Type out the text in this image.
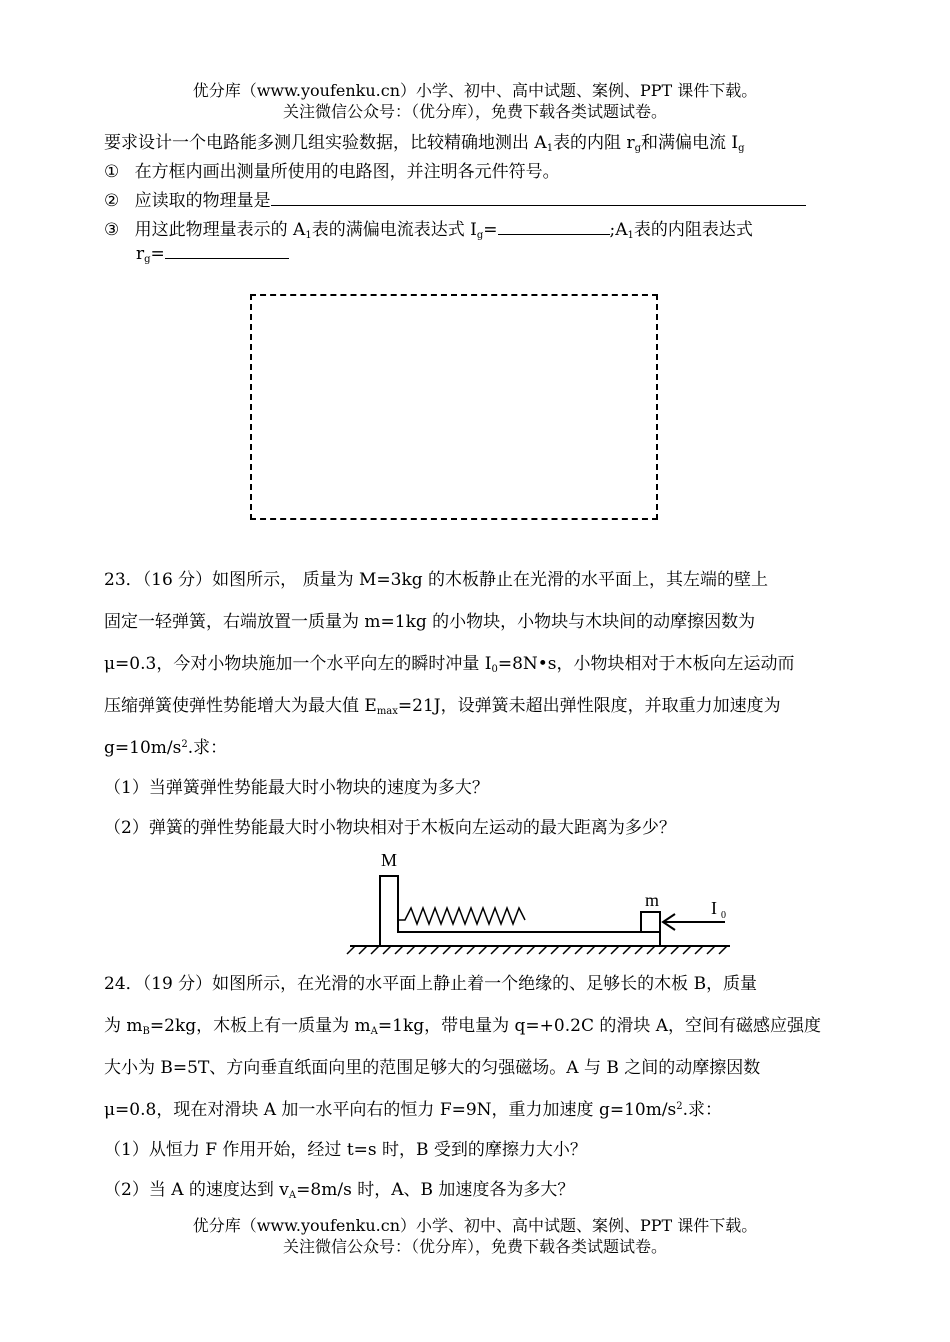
优分库（www.youfenku.cn）小学、初中、高中试题、案例、PPT 课件下载。
关注微信公众号：（优分库），免费下载各类试题试卷。
要求设计一个电路能多测几组实验数据，比较精确地测出 $A_1$表的内阻 $r_g$和满偏电流 $I_g$
① 在方框内画出测量所使用的电路图，并注明各元件符号。
② 应读取的物理量是
③ 用这此物理量表示的 $A_1$表的满偏电流表达式 $I_g=$	$;A_1$表的内阻表达式
$r_g=$
23．（16 分）如图所示， 质量为 M=3kg 的木板静止在光滑的水平面上，其左端的壁上
固定一轻弹簧，右端放置一质量为 m=1kg 的小物块，小物块与木块间的动摩擦因数为
μ=0.3，今对小物块施加一个水平向左的瞬时冲量 $I_0=8N•s$，小物块相对于木板向左运动而
压缩弹簧使弹性势能增大为最大值 $E_{max}=21J$，设弹簧未超出弹性限度，并取重力加速度为
$g=10m/s^2$.求：
（1）当弹簧弹性势能最大时小物块的速度为多大？
（2）弹簧的弹性势能最大时小物块相对于木板向左运动的最大距离为多少？
M
m	I 0
24．（19 分）如图所示，在光滑的水平面上静止着一个绝缘的、足够长的木板 B，质量
为 $m_B=2kg$，木板上有一质量为 $m_A=1kg$，带电量为 q=+0.2C 的滑块 A，空间有磁感应强度
大小为 B=5T、方向垂直纸面向里的范围足够大的匀强磁场。A 与 B 之间的动摩擦因数
μ=0.8，现在对滑块 A 加一水平向右的恒力 F=9N，重力加速度 $g=10m/s^2$.求：
（1）从恒力 F 作用开始，经过 t=s 时，B 受到的摩擦力大小？
（2）当 A 的速度达到 $v_A=8m/s$ 时，A、B 加速度各为多大？
优分库（www.youfenku.cn）小学、初中、高中试题、案例、PPT 课件下载。
关注微信公众号：（优分库），免费下载各类试题试卷。
